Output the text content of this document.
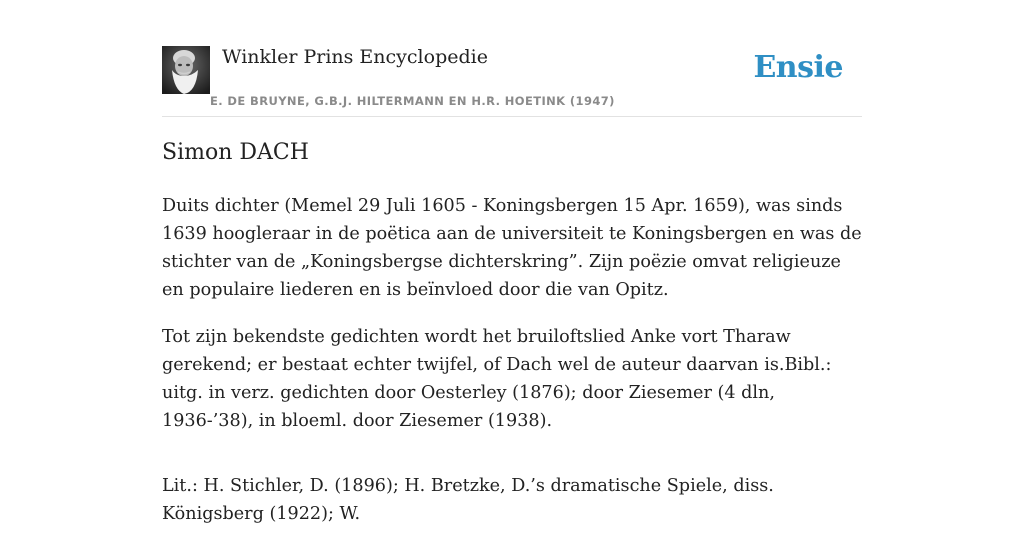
Winkler Prins Encyclopedie
E. DE BRUYNE, G.B.J. HILTERMANN EN H.R. HOETINK (1947)
Ensie
Simon DACH

Duits dichter (Memel 29 Juli 1605 - Koningsbergen 15 Apr. 1659), was sinds 1639 hoogleraar in de poëtica aan de universiteit te Koningsbergen en was de stichter van de „Koningsbergse dichterskring”. Zijn poëzie omvat religieuze en populaire liederen en is beïnvloed door die van Opitz.

Tot zijn bekendste gedichten wordt het bruiloftslied Anke vort Tharaw gerekend; er bestaat echter twijfel, of Dach wel de auteur daarvan is.Bibl.: uitg. in verz. gedichten door Oesterley (1876); door Ziesemer (4 dln, 1936-’38), in bloeml. door Ziesemer (1938).

Lit.: H. Stichler, D. (1896); H. Bretzke, D.’s dramatische Spiele, diss. Königsberg (1922); W.
